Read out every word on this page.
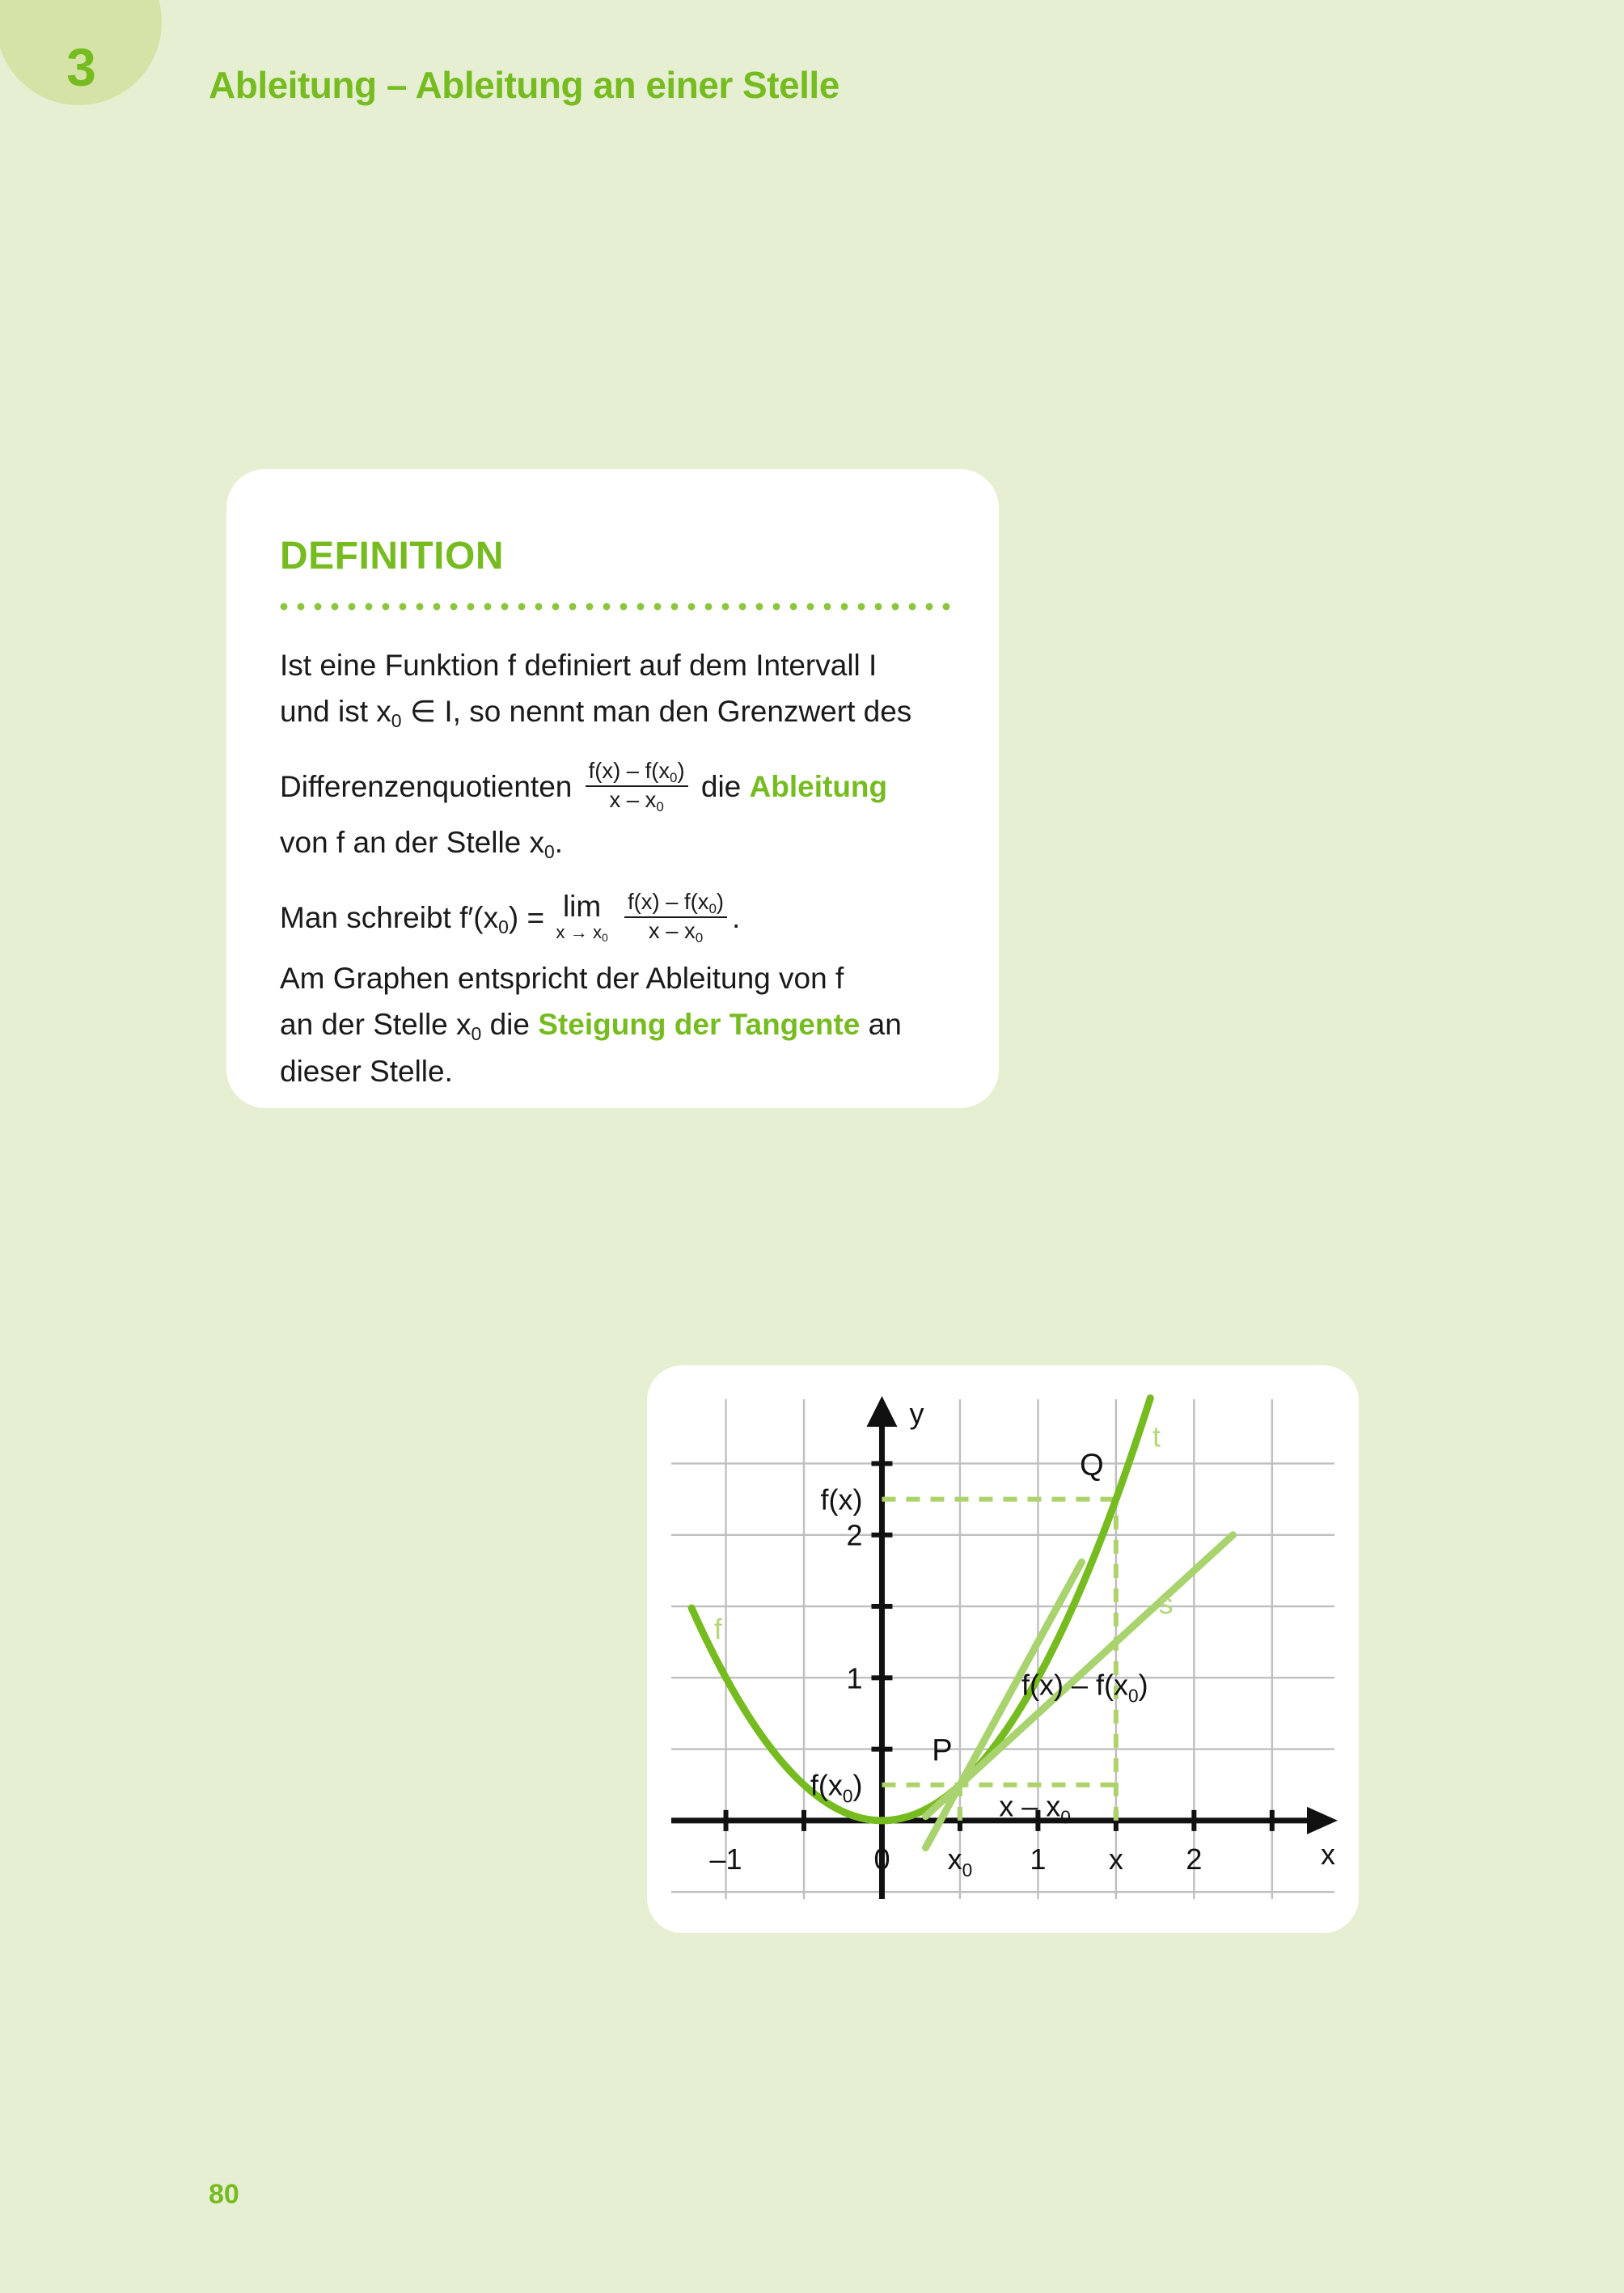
3	Ableitung – Ableitung an einer Stelle
DEFINITION
Ist eine Funktion f definiert auf dem Intervall I
und ist $x_0$ ∈ I, so nennt man den Grenzwert des
Differenzenquotienten $\frac{f(x) - f(x_0)}{x - x_0}$ die Ableitung
von f an der Stelle $x_0$.
Man schreibt $f'(x_0) = \lim$
$x \to x_0$
$\frac{f(x) - f(x_0)}{x - x_0}$ .
Am Graphen entspricht der Ableitung von f
an der Stelle $x_0$ die Steigung der Tangente an
dieser Stelle.
–1	0 $x_0$ 1 x 2	x
1
2
$f(x_0)$
f(x)
y
f
t
s
P
Q
x – $x_0$
$f(x) - f(x_0)$
80
